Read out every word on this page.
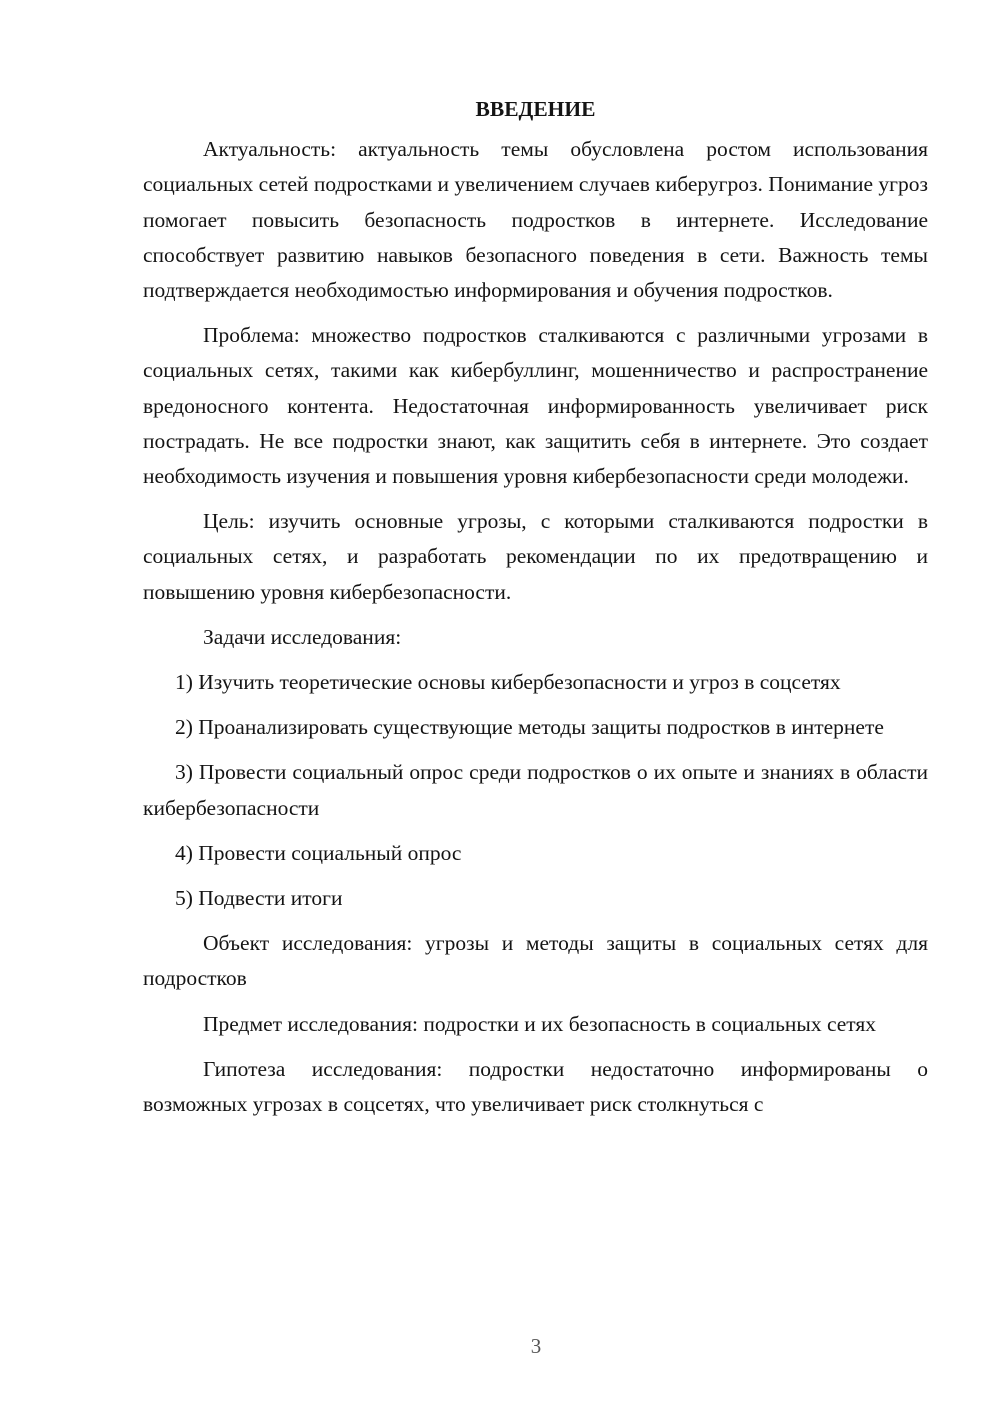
ВВЕДЕНИЕ

Актуальность: актуальность темы обусловлена ростом использования социальных сетей подростками и увеличением случаев киберугроз. Понимание угроз помогает повысить безопасность подростков в интернете. Исследование способствует развитию навыков безопасного поведения в сети. Важность темы подтверждается необходимостью информирования и обучения подростков.

Проблема: множество подростков сталкиваются с различными угрозами в социальных сетях, такими как кибербуллинг, мошенничество и распространение вредоносного контента. Недостаточная информированность увеличивает риск пострадать. Не все подростки знают, как защитить себя в интернете. Это создает необходимость изучения и повышения уровня кибербезопасности среди молодежи.

Цель: изучить основные угрозы, с которыми сталкиваются подростки в социальных сетях, и разработать рекомендации по их предотвращению и повышению уровня кибербезопасности.

Задачи исследования:

1) Изучить теоретические основы кибербезопасности и угроз в соцсетях

2) Проанализировать существующие методы защиты подростков в интернете

3) Провести социальный опрос среди подростков о их опыте и знаниях в области кибербезопасности

4) Провести социальный опрос

5) Подвести итоги

Объект исследования: угрозы и методы защиты в социальных сетях для подростков

Предмет исследования: подростки и их безопасность в социальных сетях

Гипотеза исследования: подростки недостаточно информированы о возможных угрозах в соцсетях, что увеличивает риск столкнуться с

3
